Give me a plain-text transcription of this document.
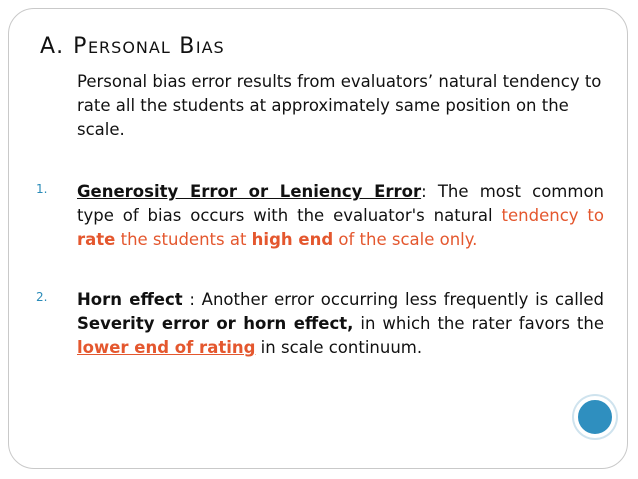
A. PERSONAL BIAS
Personal bias error results from evaluators’ natural tendency to rate all the students at approximately same position on the scale.
1. Generosity Error or Leniency Error: The most common type of bias occurs with the evaluator's natural tendency to rate the students at high end of the scale only.
2. Horn effect : Another error occurring less frequently is called Severity error or horn effect, in which the rater favors the lower end of rating in scale continuum.
